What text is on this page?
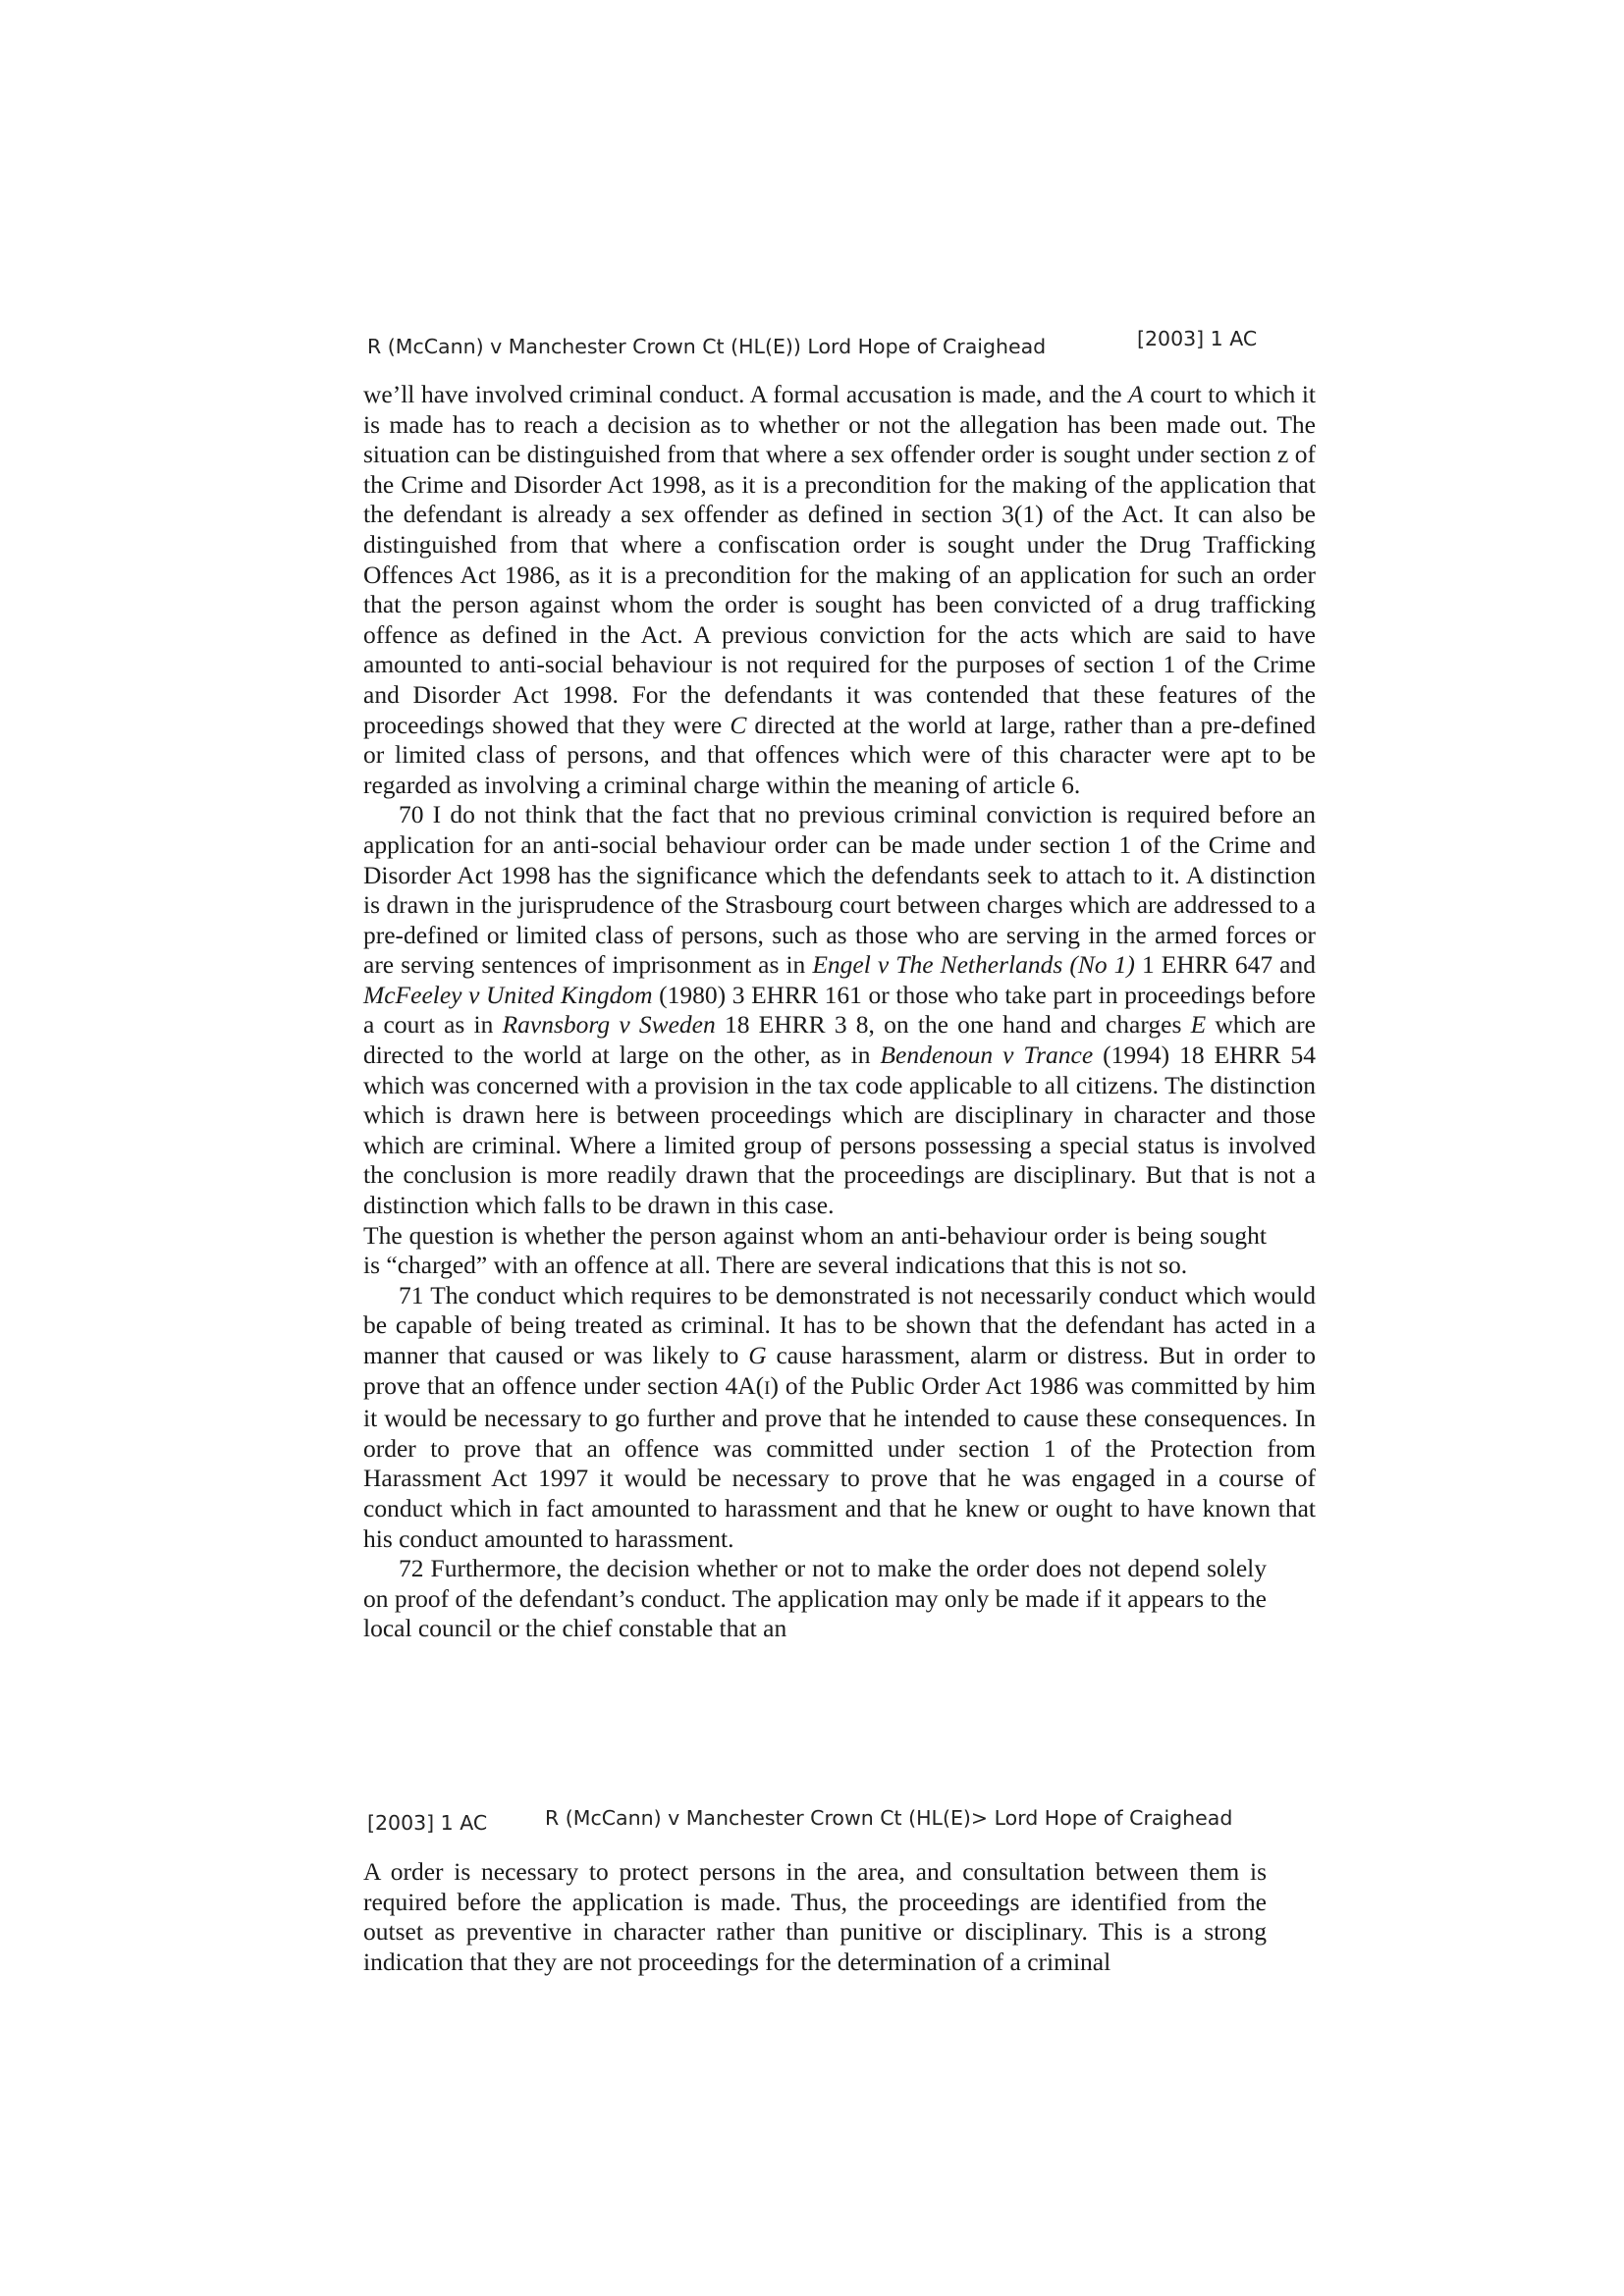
R (McCann) v Manchester Crown Ct (HL(E)) Lord Hope of Craighead	[2003] 1 AC

we’ll have involved criminal conduct. A formal accusation is made, and the A court to which it is made has to reach a decision as to whether or not the allegation has been made out. The situation can be distinguished from that where a sex offender order is sought under section z of the Crime and Disorder Act 1998, as it is a precondition for the making of the application that the defendant is already a sex offender as defined in section 3(1) of the Act. It can also be distinguished from that where a confiscation order is sought under the Drug Trafficking Offences Act 1986, as it is a precondition for the making of an application for such an order that the person against whom the order is sought has been convicted of a drug trafficking offence as defined in the Act. A previous conviction for the acts which are said to have amounted to anti-social behaviour is not required for the purposes of section 1 of the Crime and Disorder Act 1998. For the defendants it was contended that these features of the proceedings showed that they were C directed at the world at large, rather than a pre-defined or limited class of persons, and that offences which were of this character were apt to be regarded as involving a criminal charge within the meaning of article 6.

70 I do not think that the fact that no previous criminal conviction is required before an application for an anti-social behaviour order can be made under section 1 of the Crime and Disorder Act 1998 has the significance which the defendants seek to attach to it. A distinction is drawn in the jurisprudence of the Strasbourg court between charges which are addressed to a pre-defined or limited class of persons, such as those who are serving in the armed forces or are serving sentences of imprisonment as in Engel v The Netherlands (No 1) 1 EHRR 647 and McFeeley v United Kingdom (1980) 3 EHRR 161 or those who take part in proceedings before a court as in Ravnsborg v Sweden 18 EHRR 3 8, on the one hand and charges E which are directed to the world at large on the other, as in Bendenoun v Trance (1994) 18 EHRR 54 which was concerned with a provision in the tax code applicable to all citizens. The distinction which is drawn here is between proceedings which are disciplinary in character and those which are criminal. Where a limited group of persons possessing a special status is involved the conclusion is more readily drawn that the proceedings are disciplinary. But that is not a distinction which falls to be drawn in this case.

The question is whether the person against whom an anti-behaviour order is being sought is “charged” with an offence at all. There are several indications that this is not so.

71 The conduct which requires to be demonstrated is not necessarily conduct which would be capable of being treated as criminal. It has to be shown that the defendant has acted in a manner that caused or was likely to G cause harassment, alarm or distress. But in order to prove that an offence under section 4A(I) of the Public Order Act 1986 was committed by him it would be necessary to go further and prove that he intended to cause these consequences. In order to prove that an offence was committed under section 1 of the Protection from Harassment Act 1997 it would be necessary to prove that he was engaged in a course of conduct which in fact amounted to harassment and that he knew or ought to have known that his conduct amounted to harassment.

72 Furthermore, the decision whether or not to make the order does not depend solely on proof of the defendant’s conduct. The application may only be made if it appears to the local council or the chief constable that an

[2003] 1 AC	R (McCann) v Manchester Crown Ct (HL(E)> Lord Hope of Craighead

A order is necessary to protect persons in the area, and consultation between them is required before the application is made. Thus, the proceedings are identified from the outset as preventive in character rather than punitive or disciplinary. This is a strong indication that they are not proceedings for the determination of a criminal
